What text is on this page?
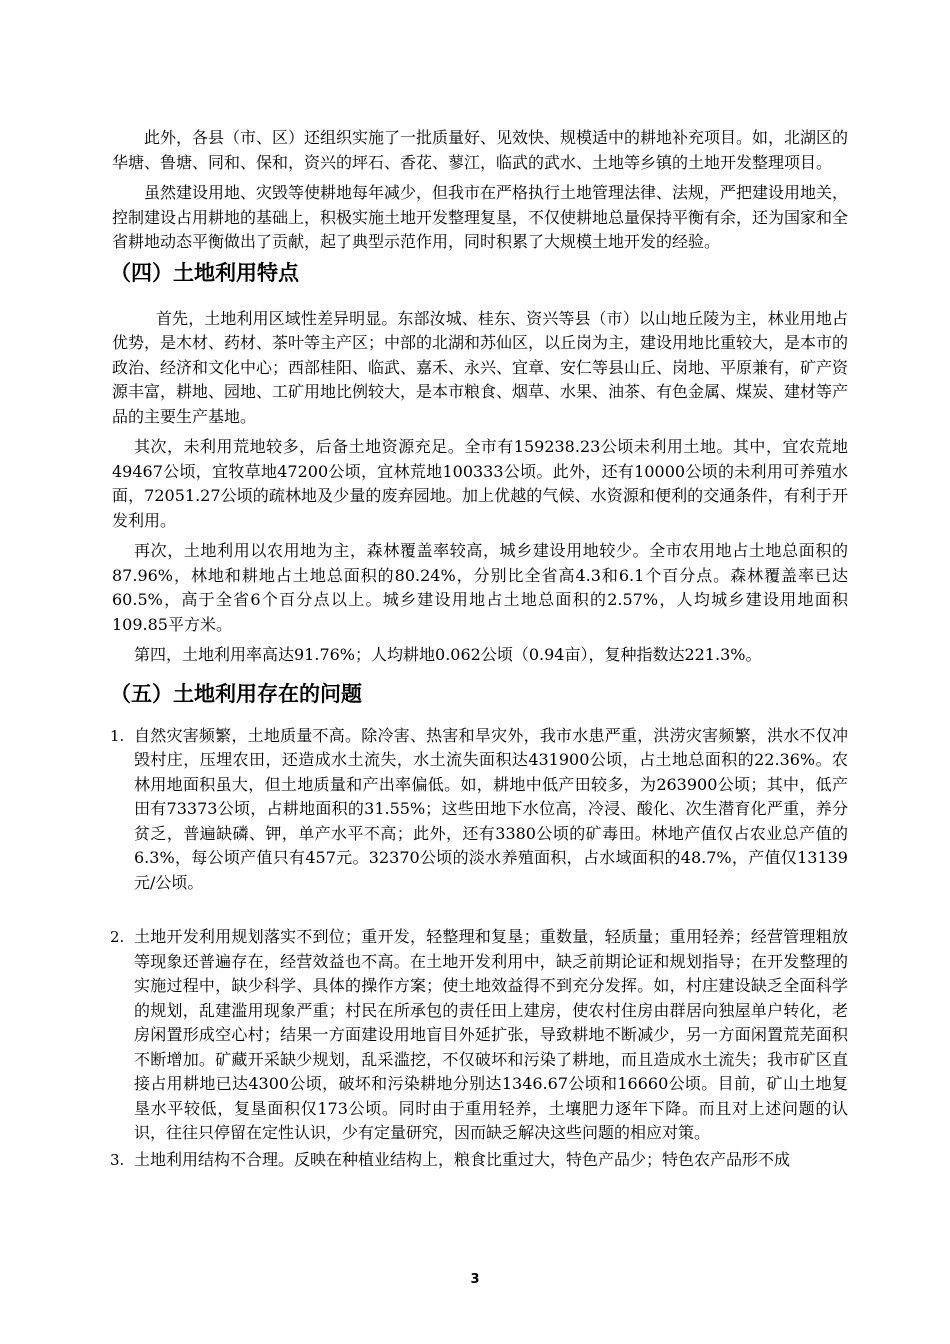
此外，各县（市、区）还组织实施了一批质量好、见效快、规模适中的耕地补充项目。如，北湖区的华塘、鲁塘、同和、保和，资兴的坪石、香花、蓼江，临武的武水、土地等乡镇的土地开发整理项目。

虽然建设用地、灾毁等使耕地每年减少，但我市在严格执行土地管理法律、法规，严把建设用地关，控制建设占用耕地的基础上，积极实施土地开发整理复垦，不仅使耕地总量保持平衡有余，还为国家和全省耕地动态平衡做出了贡献，起了典型示范作用，同时积累了大规模土地开发的经验。

（四）土地利用特点

首先，土地利用区域性差异明显。东部汝城、桂东、资兴等县（市）以山地丘陵为主，林业用地占优势，是木材、药材、茶叶等主产区；中部的北湖和苏仙区，以丘岗为主，建设用地比重较大，是本市的政治、经济和文化中心；西部桂阳、临武、嘉禾、永兴、宜章、安仁等县山丘、岗地、平原兼有，矿产资源丰富，耕地、园地、工矿用地比例较大，是本市粮食、烟草、水果、油茶、有色金属、煤炭、建材等产品的主要生产基地。

其次，未利用荒地较多，后备土地资源充足。全市有159238.23公顷未利用土地。其中，宜农荒地49467公顷，宜牧草地47200公顷，宜林荒地100333公顷。此外，还有10000公顷的未利用可养殖水面，72051.27公顷的疏林地及少量的废弃园地。加上优越的气候、水资源和便利的交通条件，有利于开发利用。

再次，土地利用以农用地为主，森林覆盖率较高，城乡建设用地较少。全市农用地占土地总面积的87.96%，林地和耕地占土地总面积的80.24%，分别比全省高4.3和6.1个百分点。森林覆盖率已达60.5%，高于全省6个百分点以上。城乡建设用地占土地总面积的2.57%，人均城乡建设用地面积109.85平方米。

第四，土地利用率高达91.76%；人均耕地0.062公顷（0.94亩），复种指数达221.3%。

（五）土地利用存在的问题
1. 自然灾害频繁，土地质量不高。除冷害、热害和旱灾外，我市水患严重，洪涝灾害频繁，洪水不仅冲毁村庄，压埋农田，还造成水土流失，水土流失面积达431900公顷，占土地总面积的22.36%。农林用地面积虽大，但土地质量和产出率偏低。如，耕地中低产田较多，为263900公顷；其中，低产田有73373公顷，占耕地面积的31.55%；这些田地下水位高，冷浸、酸化、次生潜育化严重，养分贫乏，普遍缺磷、钾，单产水平不高；此外，还有3380公顷的矿毒田。林地产值仅占农业总产值的6.3%，每公顷产值只有457元。32370公顷的淡水养殖面积，占水域面积的48.7%，产值仅13139元/公顷。

2. 土地开发利用规划落实不到位；重开发，轻整理和复垦；重数量，轻质量；重用轻养；经营管理粗放等现象还普遍存在，经营效益也不高。在土地开发利用中，缺乏前期论证和规划指导；在开发整理的实施过程中，缺少科学、具体的操作方案；使土地效益得不到充分发挥。如，村庄建设缺乏全面科学的规划，乱建滥用现象严重；村民在所承包的责任田上建房，使农村住房由群居向独屋单户转化，老房闲置形成空心村；结果一方面建设用地盲目外延扩张，导致耕地不断减少，另一方面闲置荒芜面积不断增加。矿藏开采缺少规划，乱采滥挖，不仅破坏和污染了耕地，而且造成水土流失；我市矿区直接占用耕地已达4300公顷，破坏和污染耕地分别达1346.67公顷和16660公顷。目前，矿山土地复垦水平较低，复垦面积仅173公顷。同时由于重用轻养，土壤肥力逐年下降。而且对上述问题的认识，往往只停留在定性认识，少有定量研究，因而缺乏解决这些问题的相应对策。

3. 土地利用结构不合理。反映在种植业结构上，粮食比重过大，特色产品少；特色农产品形不成

3
